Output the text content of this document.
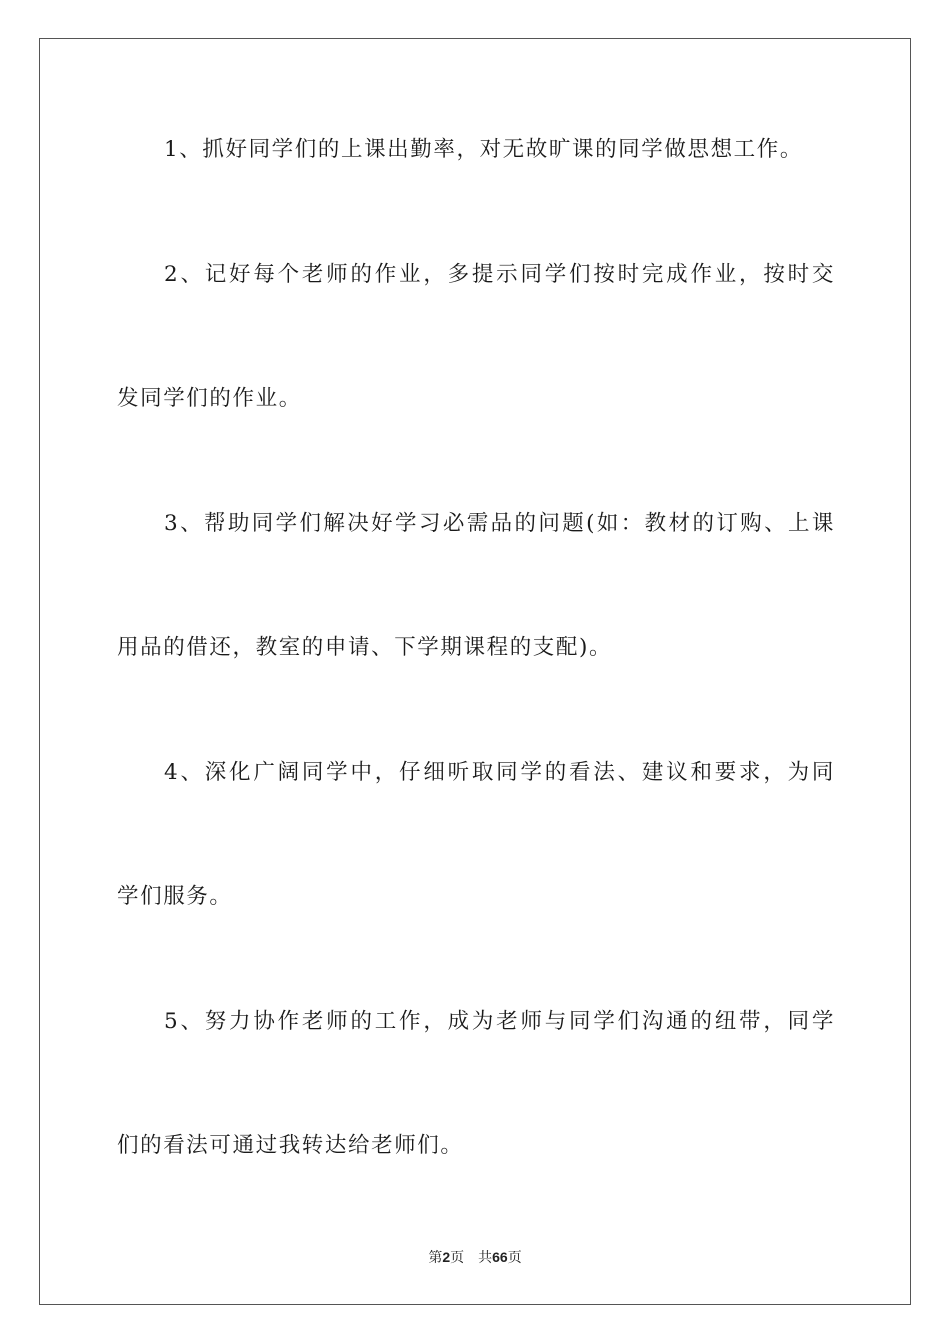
1、抓好同学们的上课出勤率，对无故旷课的同学做思想工作。
2、记好每个老师的作业，多提示同学们按时完成作业，按时交
发同学们的作业。
3、帮助同学们解决好学习必需品的问题(如：教材的订购、上课
用品的借还，教室的申请、下学期课程的支配)。
4、深化广阔同学中，仔细听取同学的看法、建议和要求，为同
学们服务。
5、努力协作老师的工作，成为老师与同学们沟通的纽带，同学
们的看法可通过我转达给老师们。
第2页 共66页
